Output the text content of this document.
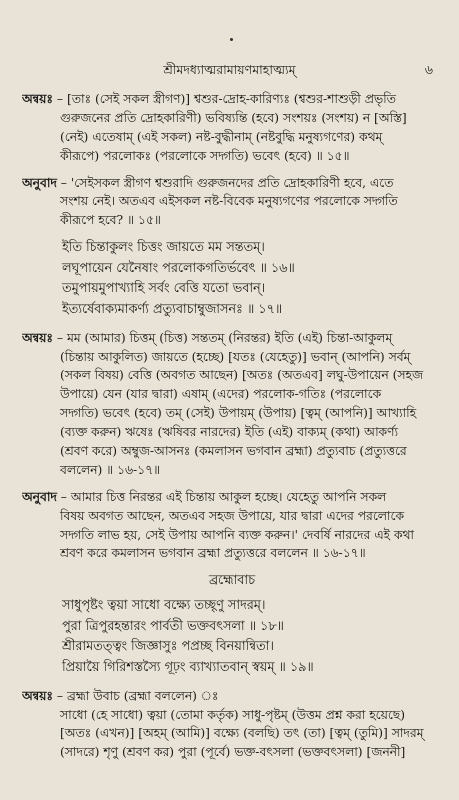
শ্রীমদধ্যাত্মরামায়ণমাহাত্ম্যম্	৬
অন্বয়ঃ – [তাঃ (সেই সকল স্ত্রীগণ)] শ্বশুর-দ্রোহ-কারিণ্যঃ (শ্বশুর-শাশুড়ী প্রভৃতি
গুরুজনের প্রতি দ্রোহকারিণী) ভবিষ্যন্তি (হবে) সংশয়ঃ (সংশয়) ন [অস্তি]
(নেই) এতেষাম্ (এই সকল) নষ্ট-বুদ্ধীনাম্ (নষ্টবুদ্ধি মনুষ্যগণের) কথম্
কীরূপে) পরলোকঃ (পরলোকে সদ্গতি) ভবেৎ (হবে) ॥ ১৫॥
অনুবাদ – 'সেইসকল স্ত্রীগণ শ্বশুরাদি গুরুজনদের প্রতি দ্রোহকারিণী হবে, এতে
সংশয় নেই। অতএব এইসকল নষ্ট-বিবেক মনুষ্যগণের পরলোকে সদ্গতি
কীরূপে হবে? ॥ ১৫॥
ইতি চিন্তাকুলং চিত্তং জায়তে মম সন্ততম্।
লঘূপায়েন যেনৈষাং পরলোকগতির্ভবেৎ ॥ ১৬॥
তমুপায়মুপাখ্যাহি সর্বং বেত্তি যতো ভবান্।
ইত্যর্ষেবাক্যমাকর্ণ্য প্রত্যুবাচাম্বুজাসনঃ ॥ ১৭॥
অন্বয়ঃ – মম (আমার) চিত্তম্ (চিত্ত) সন্ততম্ (নিরন্তর) ইতি (এই) চিন্তা-আকুলম্
(চিন্তায় আকুলিত) জায়তে (হচ্ছে) [যতঃ (যেহেতু)] ভবান্ (আপনি) সর্বম্
(সকল বিষয়) বেত্তি (অবগত আছেন) [অতঃ (অতএব] লঘু-উপায়েন (সহজ
উপায়ে) যেন (যার দ্বারা) এষাম্ (এদের) পরলোক-গতিঃ (পরলোকে
সদ্গতি) ভবেৎ (হবে) তম্ (সেই) উপায়ম্ (উপায়) [ত্বম্ (আপনি)] আখ্যাহি
(ব্যক্ত করুন) ঋষেঃ (ঋষিবর নারদের) ইতি (এই) বাক্যম্ (কথা) আকর্ণ্য
(শ্রবণ করে) অম্বুজ-আসনঃ (কমলাসন ভগবান ব্রহ্মা) প্রত্যুবাচ (প্রত্যুত্তরে
বললেন) ॥ ১৬-১৭॥
অনুবাদ – আমার চিত্ত নিরন্তর এই চিন্তায় আকুল হচ্ছে। যেহেতু আপনি সকল
বিষয় অবগত আছেন, অতএব সহজ উপায়ে, যার দ্বারা এদের পরলোকে
সদ্গতি লাভ হয়, সেই উপায় আপনি ব্যক্ত করুন।' দেবর্ষি নারদের এই কথা
শ্রবণ করে কমলাসন ভগবান ব্রহ্মা প্রত্যুত্তরে বললেন ॥ ১৬-১৭॥
ব্রহ্মোবাচ
সাধুপৃষ্টং ত্বয়া সাধো বক্ষ্যে তচ্ছৃণু সাদরম্।
পুরা ত্রিপুরহন্তারং পার্বতী ভক্তবৎসলা ॥ ১৮॥
শ্রীরামতত্ত্বং জিজ্ঞাসুঃ পপ্রচ্ছ বিনয়ান্বিতা।
প্রিয়ায়ৈ গিরিশস্তস্যৈ গূঢ়ং ব্যাখ্যাতবান্ স্বয়ম্ ॥ ১৯॥
অন্বয়ঃ – ব্রহ্মা উবাচ (ব্রহ্মা বললেন) ঃ
সাধো (হে সাধো) ত্বয়া (তোমা কর্তৃক) সাধু-পৃষ্টম্ (উত্তম প্রশ্ন করা হয়েছে)
[অতঃ (এখন)] [অহম্ (আমি)] বক্ষ্যে (বলছি) তৎ (তা) [ত্বম্ (তুমি)] সাদরম্
(সাদরে) শৃণু (শ্রবণ কর) পুরা (পূর্বে) ভক্ত-বৎসলা (ভক্তবৎসলা) [জননী]
